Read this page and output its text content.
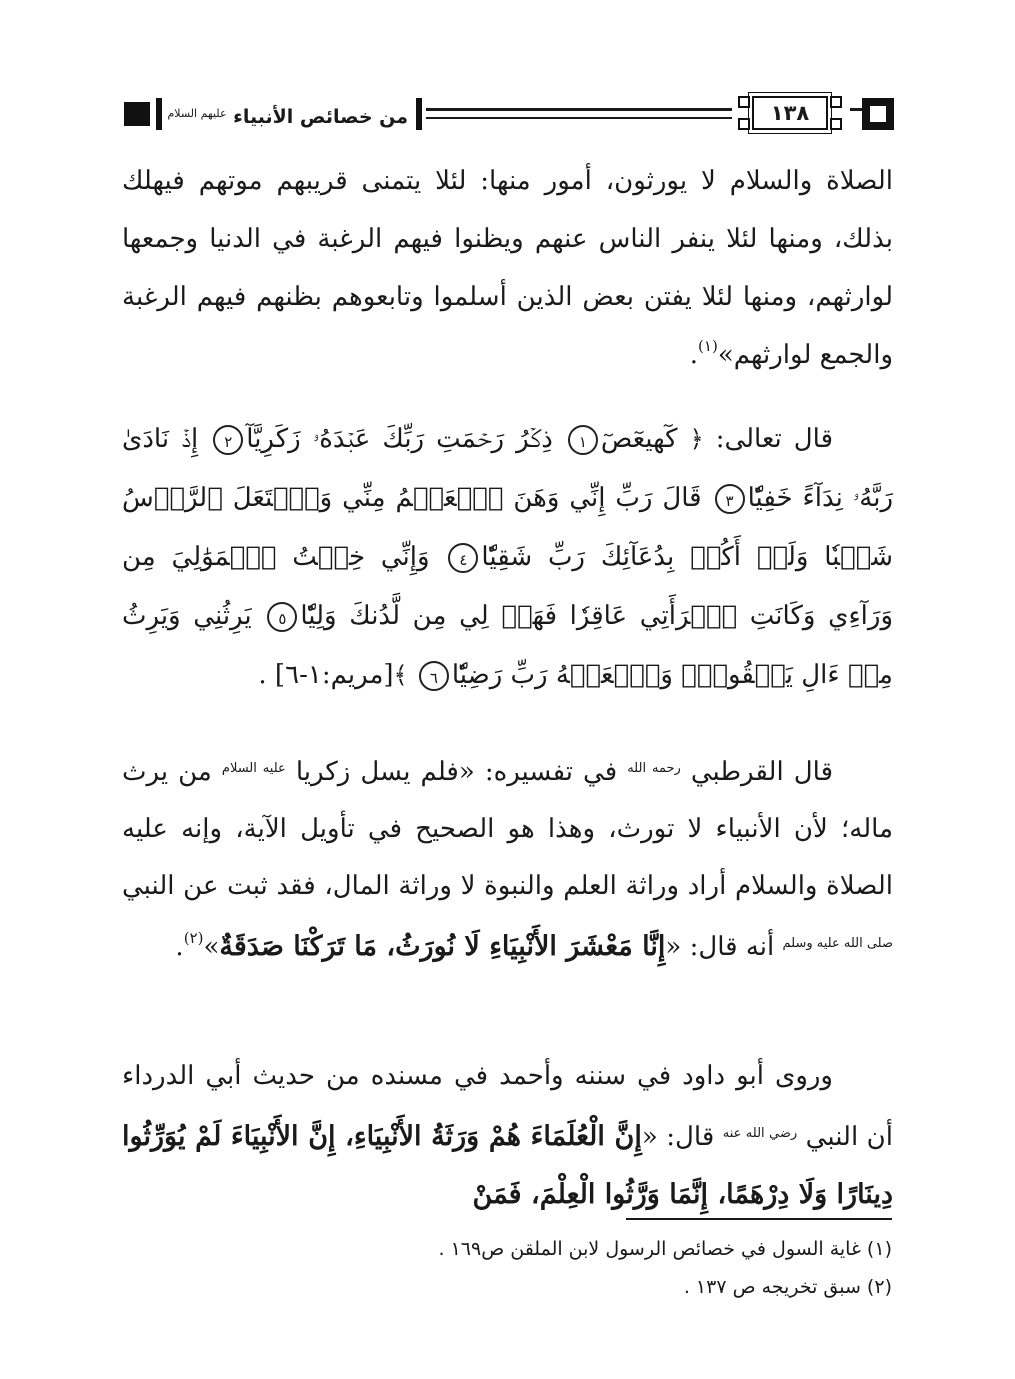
من خصائص الأنبياء $^{عليهم السلام}$	١٣٨
الصلاة والسلام لا يورثون، أمور منها: لئلا يتمنى قريبهم موتهم فيهلك بذلك، ومنها لئلا ينفر الناس عنهم ويظنوا فيهم الرغبة في الدنيا وجمعها لوارثهم، ومنها لئلا يفتن بعض الذين أسلموا وتابعوهم بظنهم فيهم الرغبة والجمع لوارثهم»$^{(١)}$.
قال تعالى: ﴿ كٓهيعٓصٓ١ ذِكۡرُ رَحۡمَتِ رَبِّكَ عَبۡدَهُۥ زَكَرِيَّآ٢ إِذۡ نَادَىٰ رَبَّهُۥ نِدَآءً خَفِيّٗا٣ قَالَ رَبِّ إِنِّي وَهَنَ ٱلۡعَظۡمُ مِنِّي وَٱشۡتَعَلَ ٱلرَّأۡسُ شَيۡبٗا وَلَمۡ أَكُنۢ بِدُعَآئِكَ رَبِّ شَقِيّٗا٤ وَإِنِّي خِفۡتُ ٱلۡمَوَٰلِيَ مِن وَرَآءِي وَكَانَتِ ٱمۡرَأَتِي عَاقِرٗا فَهَبۡ لِي مِن لَّدُنكَ وَلِيّٗا٥ يَرِثُنِي وَيَرِثُ مِنۡ ءَالِ يَعۡقُوبَۖ وَٱجۡعَلۡهُ رَبِّ رَضِيّٗا٦ ﴾[مريم:١-٦] .
قال القرطبي $^{رحمه الله}$ في تفسيره: «فلم يسل زكريا $^{عليه السلام}$ من يرث ماله؛ لأن الأنبياء لا تورث، وهذا هو الصحيح في تأويل الآية، وإنه عليه الصلاة والسلام أراد وراثة العلم والنبوة لا وراثة المال، فقد ثبت عن النبي $^{صلى الله عليه وسلم}$ أنه قال: «إِنَّا مَعْشَرَ الأَنْبِيَاءِ لَا نُورَثُ، مَا تَرَكْنَا صَدَقَةٌ»$^{(٢)}$.
وروى أبو داود في سننه وأحمد في مسنده من حديث أبي الدرداء أن النبي $^{رضي الله عنه}$ قال: «إِنَّ الْعُلَمَاءَ هُمْ وَرَثَةُ الأَنْبِيَاءِ، إِنَّ الأَنْبِيَاءَ لَمْ يُوَرِّثُوا دِينَارًا وَلَا دِرْهَمًا، إِنَّمَا وَرَّثُوا الْعِلْمَ، فَمَنْ
(١) غاية السول في خصائص الرسول لابن الملقن ص١٦٩ .
(٢) سبق تخريجه ص ١٣٧ .
